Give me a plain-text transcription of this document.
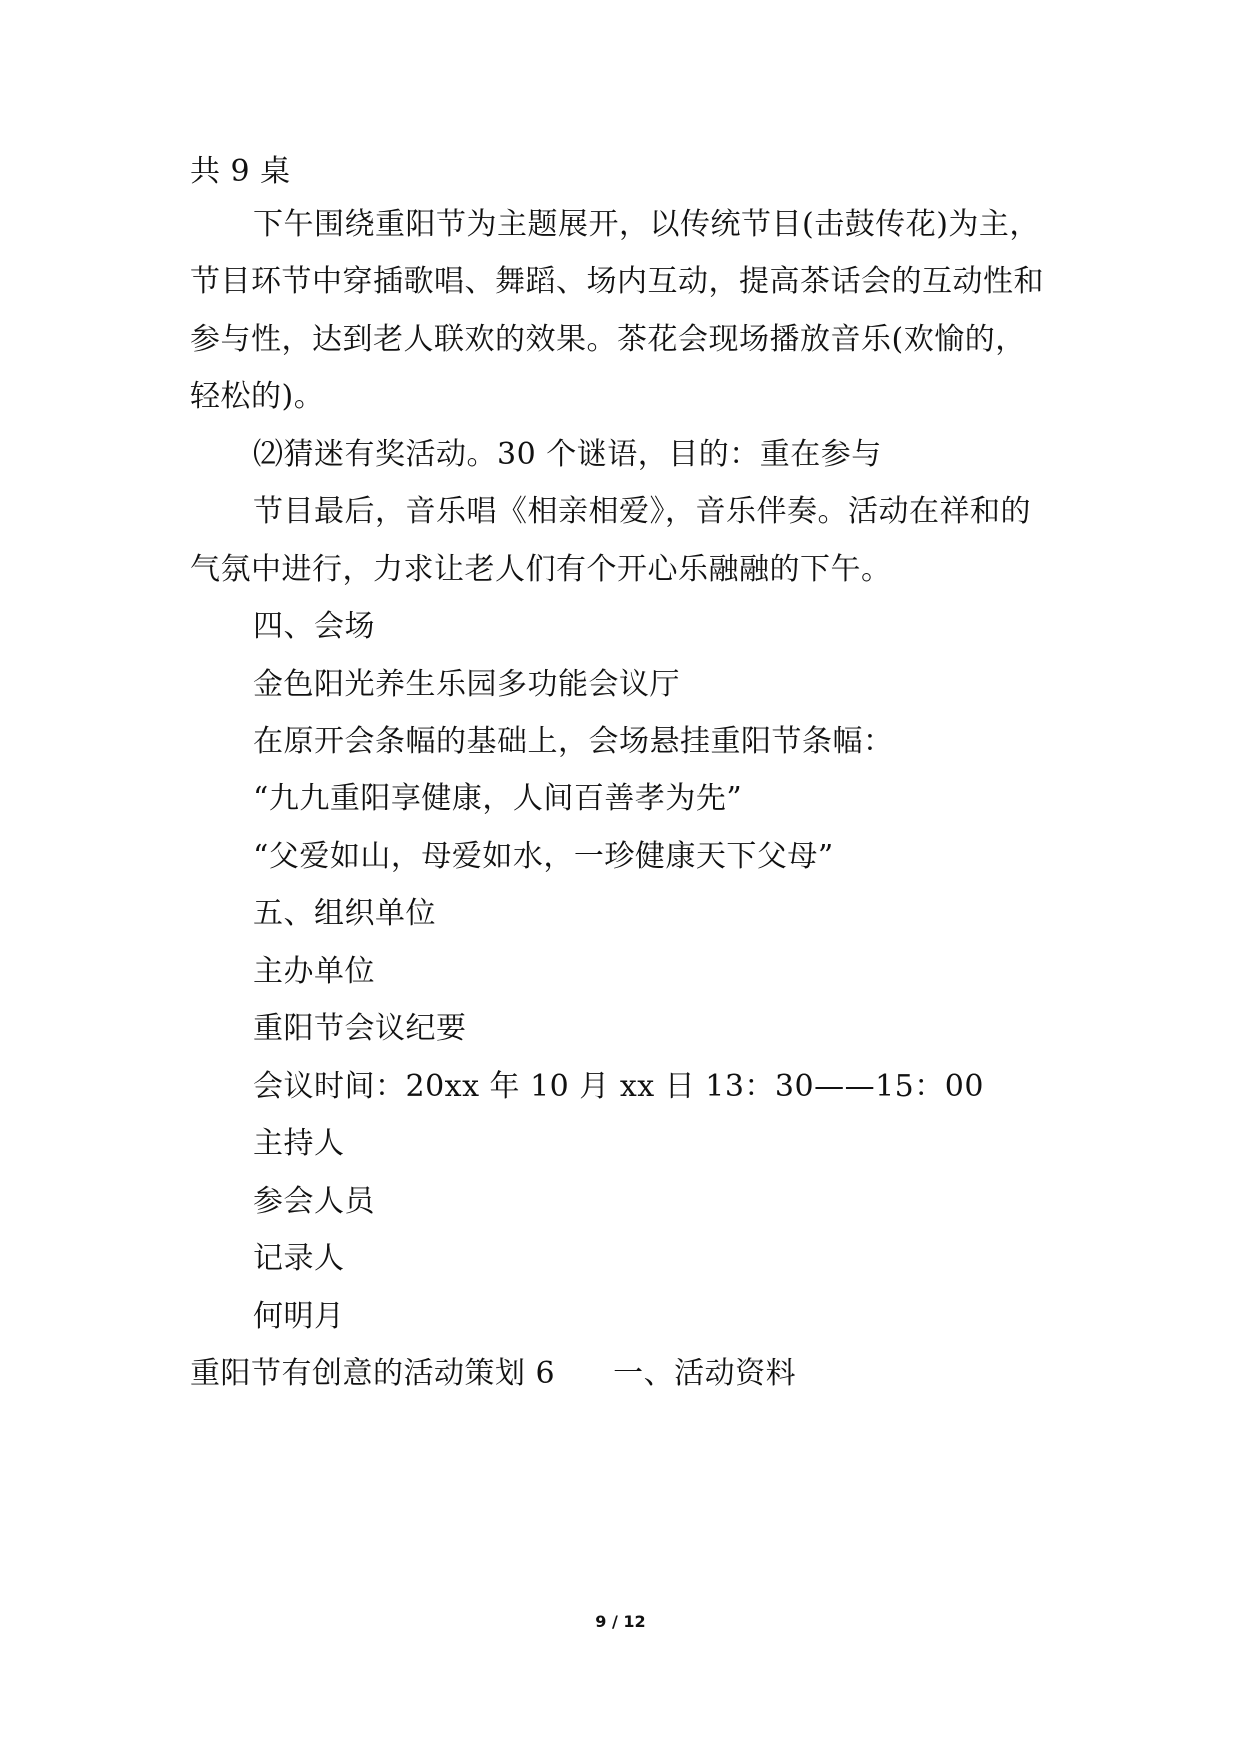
共 9 桌
下午围绕重阳节为主题展开，以传统节目(击鼓传花)为主，
节目环节中穿插歌唱、舞蹈、场内互动，提高茶话会的互动性和
参与性，达到老人联欢的效果。茶花会现场播放音乐(欢愉的，
轻松的)。
⑵猜迷有奖活动。30 个谜语，目的：重在参与
节目最后，音乐唱《相亲相爱》，音乐伴奏。活动在祥和的
气氛中进行，力求让老人们有个开心乐融融的下午。
四、会场
金色阳光养生乐园多功能会议厅
在原开会条幅的基础上，会场悬挂重阳节条幅：
“九九重阳享健康，人间百善孝为先”
“父爱如山，母爱如水，一珍健康天下父母”
五、组织单位
主办单位
重阳节会议纪要
会议时间：20xx 年 10 月 xx 日 13：30——15：00
主持人
参会人员
记录人
何明月
重阳节有创意的活动策划 6 一、活动资料
9 / 12
